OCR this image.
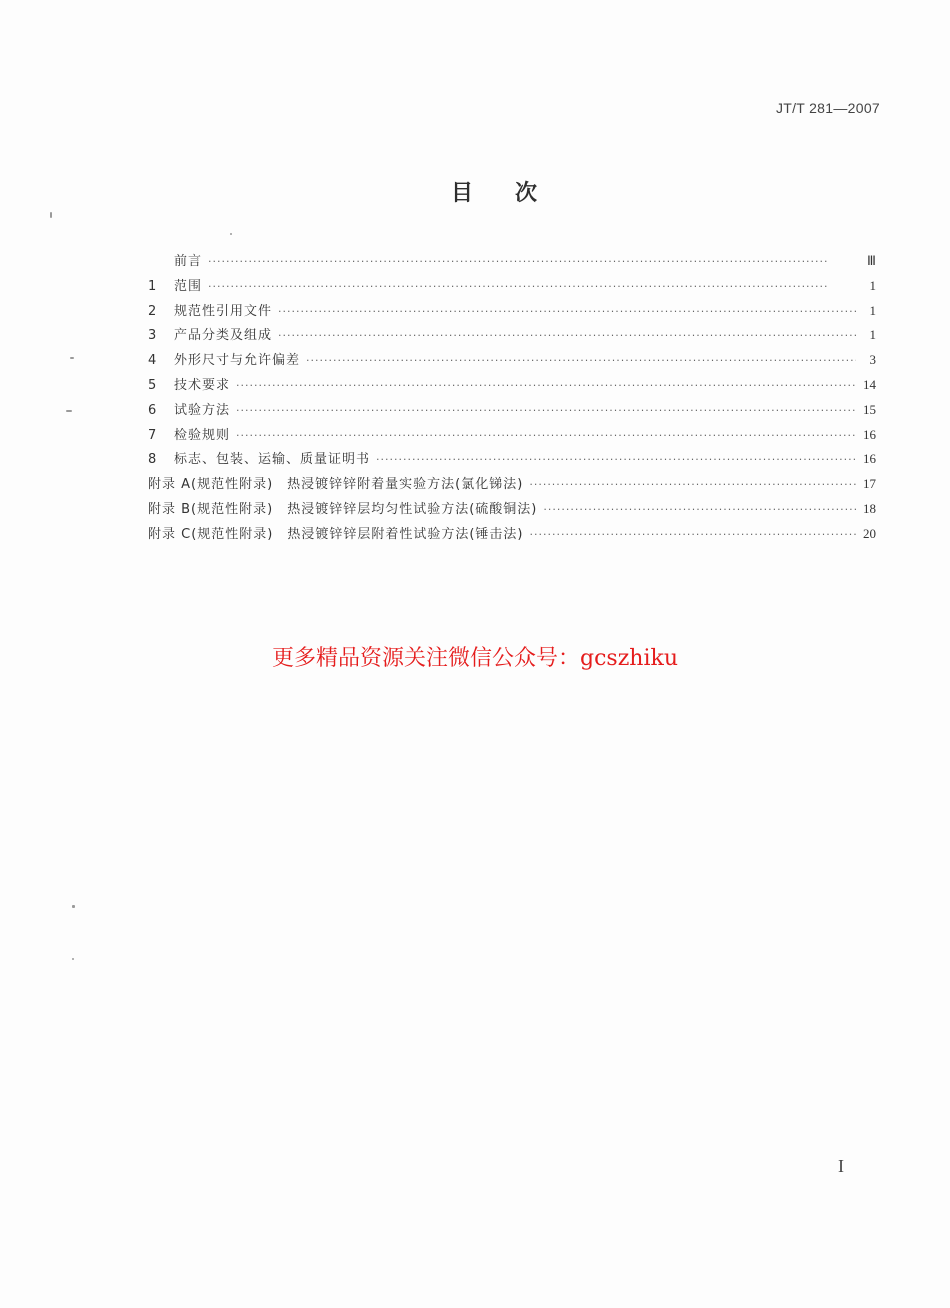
JT/T 281—2007
目次
前言 ·····	Ⅲ
1	范围 ·····	1
2	规范性引用文件 ·····	1
3	产品分类及组成 ·····	1
4	外形尺寸与允许偏差 ·····	3
5	技术要求 ·····	14
6	试验方法 ·····	15
7	检验规则 ·····	16
8	标志、包装、运输、质量证明书 ·····	16
附录 A(规范性附录)　热浸镀锌锌附着量实验方法(氯化锑法) ·····	17
附录 B(规范性附录)　热浸镀锌锌层均匀性试验方法(硫酸铜法) ·····	18
附录 C(规范性附录)　热浸镀锌锌层附着性试验方法(锤击法) ·····	20
更多精品资源关注微信公众号：gcszhiku
I
